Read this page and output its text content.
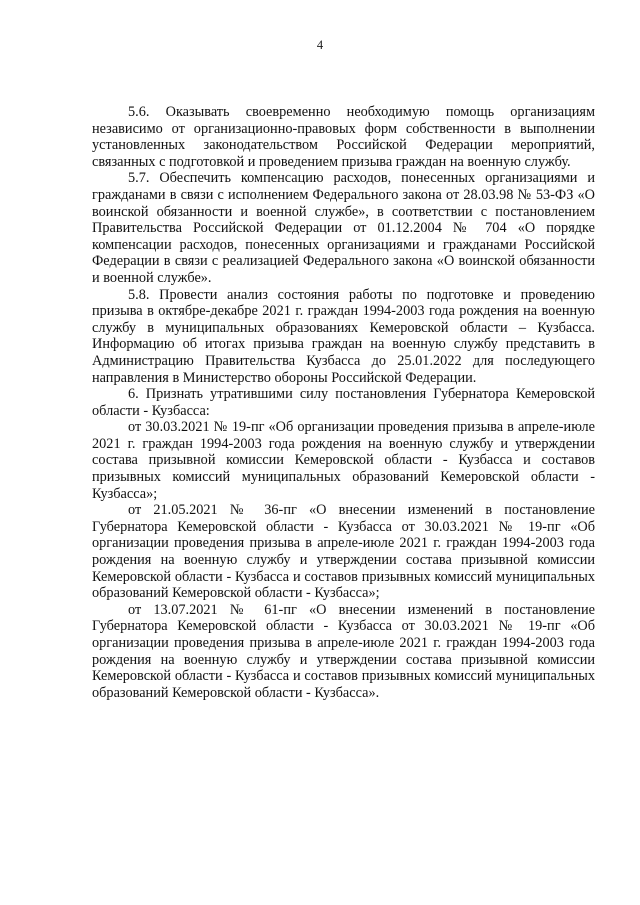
4

5.6. Оказывать своевременно необходимую помощь организациям независимо от организационно-правовых форм собственности в выполнении установленных законодательством Российской Федерации мероприятий, связанных с подготовкой и проведением призыва граждан на военную службу.

5.7. Обеспечить компенсацию расходов, понесенных организациями и гражданами в связи с исполнением Федерального закона от 28.03.98 № 53-ФЗ «О воинской обязанности и военной службе», в соответствии с постановлением Правительства Российской Федерации от 01.12.2004 № 704 «О порядке компенсации расходов, понесенных организациями и гражданами Российской Федерации в связи с реализацией Федерального закона «О воинской обязанности и военной службе».

5.8. Провести анализ состояния работы по подготовке и проведению призыва в октябре-декабре 2021 г. граждан 1994-2003 года рождения на военную службу в муниципальных образованиях Кемеровской области – Кузбасса. Информацию об итогах призыва граждан на военную службу представить в Администрацию Правительства Кузбасса до 25.01.2022 для последующего направления в Министерство обороны Российской Федерации.

6. Признать утратившими силу постановления Губернатора Кемеровской области - Кузбасса:

от 30.03.2021 № 19-пг «Об организации проведения призыва в апреле-июле 2021 г. граждан 1994-2003 года рождения на военную службу и утверждении состава призывной комиссии Кемеровской области - Кузбасса и составов призывных комиссий муниципальных образований Кемеровской области - Кузбасса»;

от 21.05.2021 № 36-пг «О внесении изменений в постановление Губернатора Кемеровской области - Кузбасса от 30.03.2021 № 19-пг «Об организации проведения призыва в апреле-июле 2021 г. граждан 1994-2003 года рождения на военную службу и утверждении состава призывной комиссии Кемеровской области - Кузбасса и составов призывных комиссий муниципальных образований Кемеровской области - Кузбасса»;

от 13.07.2021 № 61-пг «О внесении изменений в постановление Губернатора Кемеровской области - Кузбасса от 30.03.2021 № 19-пг «Об организации проведения призыва в апреле-июле 2021 г. граждан 1994-2003 года рождения на военную службу и утверждении состава призывной комиссии Кемеровской области - Кузбасса и составов призывных комиссий муниципальных образований Кемеровской области - Кузбасса».
